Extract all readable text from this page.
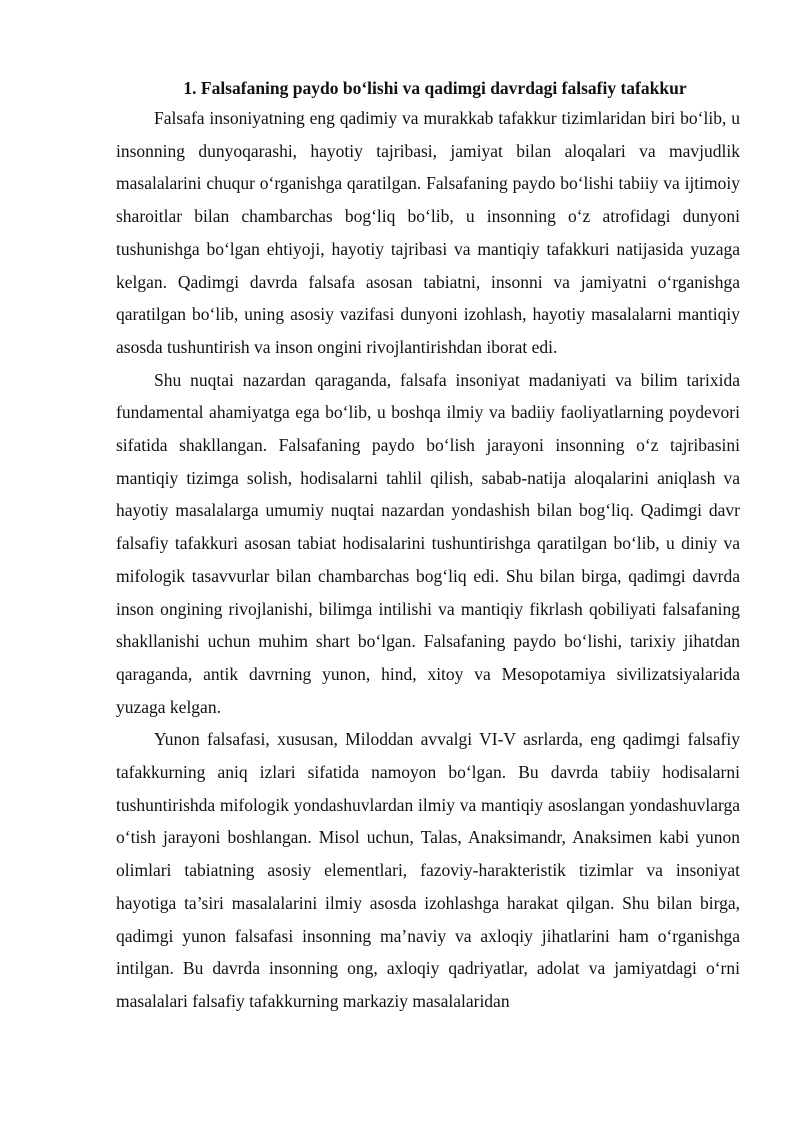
1. Falsafaning paydo bo‘lishi va qadimgi davrdagi falsafiy tafakkur

Falsafa insoniyatning eng qadimiy va murakkab tafakkur tizimlaridan biri bo‘lib, u insonning dunyoqarashi, hayotiy tajribasi, jamiyat bilan aloqalari va mavjudlik masalalarini chuqur o‘rganishga qaratilgan. Falsafaning paydo bo‘lishi tabiiy va ijtimoiy sharoitlar bilan chambarchas bog‘liq bo‘lib, u insonning o‘z atrofidagi dunyoni tushunishga bo‘lgan ehtiyoji, hayotiy tajribasi va mantiqiy tafakkuri natijasida yuzaga kelgan. Qadimgi davrda falsafa asosan tabiatni, insonni va jamiyatni o‘rganishga qaratilgan bo‘lib, uning asosiy vazifasi dunyoni izohlash, hayotiy masalalarni mantiqiy asosda tushuntirish va inson ongini rivojlantirishdan iborat edi.

Shu nuqtai nazardan qaraganda, falsafa insoniyat madaniyati va bilim tarixida fundamental ahamiyatga ega bo‘lib, u boshqa ilmiy va badiiy faoliyatlarning poydevori sifatida shakllangan. Falsafaning paydo bo‘lish jarayoni insonning o‘z tajribasini mantiqiy tizimga solish, hodisalarni tahlil qilish, sabab-natija aloqalarini aniqlash va hayotiy masalalarga umumiy nuqtai nazardan yondashish bilan bog‘liq. Qadimgi davr falsafiy tafakkuri asosan tabiat hodisalarini tushuntirishga qaratilgan bo‘lib, u diniy va mifologik tasavvurlar bilan chambarchas bog‘liq edi. Shu bilan birga, qadimgi davrda inson ongining rivojlanishi, bilimga intilishi va mantiqiy fikrlash qobiliyati falsafaning shakllanishi uchun muhim shart bo‘lgan. Falsafaning paydo bo‘lishi, tarixiy jihatdan qaraganda, antik davrning yunon, hind, xitoy va Mesopotamiya sivilizatsiyalarida yuzaga kelgan.

Yunon falsafasi, xususan, Miloddan avvalgi VI-V asrlarda, eng qadimgi falsafiy tafakkurning aniq izlari sifatida namoyon bo‘lgan. Bu davrda tabiiy hodisalarni tushuntirishda mifologik yondashuvlardan ilmiy va mantiqiy asoslangan yondashuvlarga o‘tish jarayoni boshlangan. Misol uchun, Talas, Anaksimandr, Anaksimen kabi yunon olimlari tabiatning asosiy elementlari, fazoviy-harakteristik tizimlar va insoniyat hayotiga ta’siri masalalarini ilmiy asosda izohlashga harakat qilgan. Shu bilan birga, qadimgi yunon falsafasi insonning ma’naviy va axloqiy jihatlarini ham o‘rganishga intilgan. Bu davrda insonning ong, axloqiy qadriyatlar, adolat va jamiyatdagi o‘rni masalalari falsafiy tafakkurning markaziy masalalaridan
